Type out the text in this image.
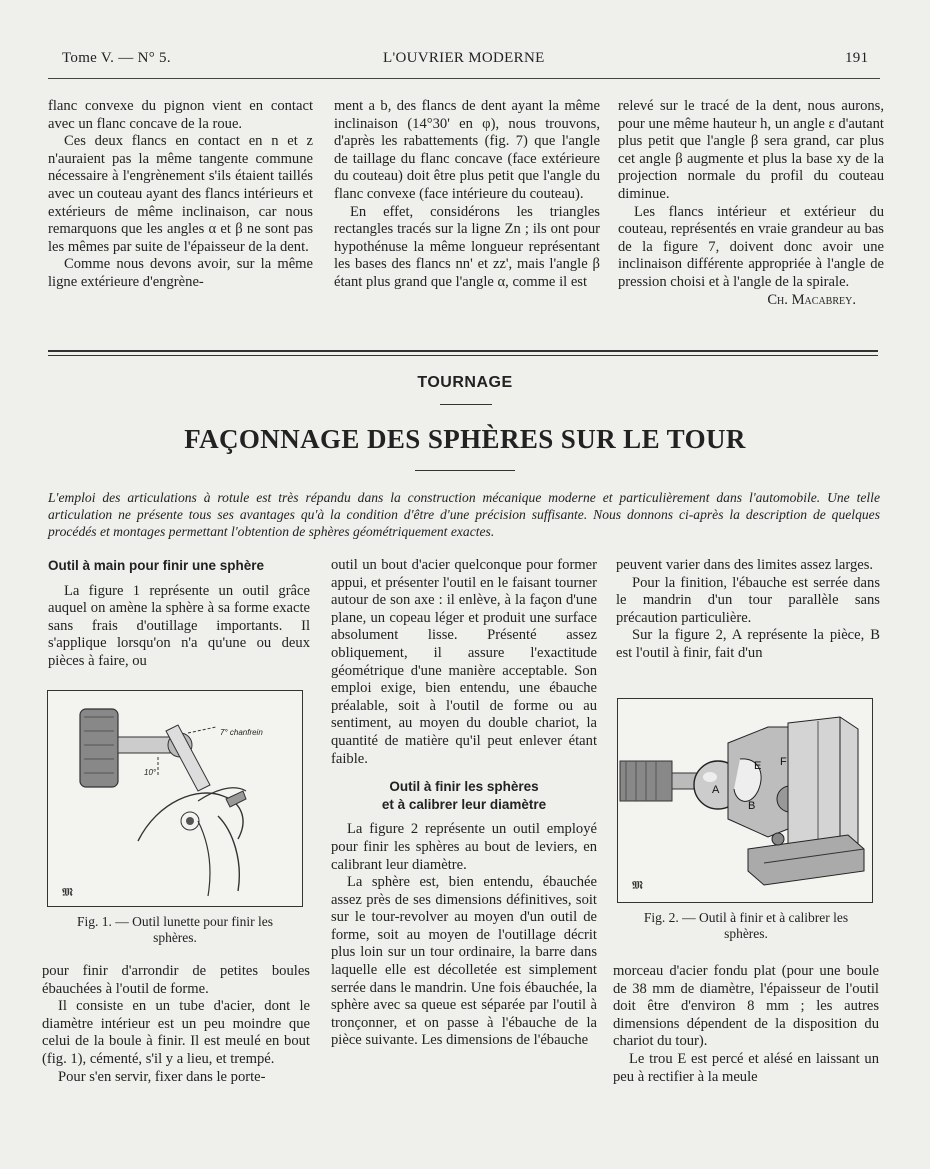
Tome V. — N° 5.	L'OUVRIER MODERNE	191

flanc convexe du pignon vient en contact avec un flanc concave de la roue.

Ces deux flancs en contact en n et z n'auraient pas la même tangente commune nécessaire à l'engrènement s'ils étaient taillés avec un couteau ayant des flancs intérieurs et extérieurs de même inclinaison, car nous remarquons que les angles α et β ne sont pas les mêmes par suite de l'épaisseur de la dent.

Comme nous devons avoir, sur la même ligne extérieure d'engrène-

ment a b, des flancs de dent ayant la même inclinaison (14°30' en φ), nous trouvons, d'après les rabattements (fig. 7) que l'angle de taillage du flanc concave (face extérieure du couteau) doit être plus petit que l'angle du flanc convexe (face intérieure du couteau).

En effet, considérons les triangles rectangles tracés sur la ligne Zn ; ils ont pour hypothénuse la même longueur représentant les bases des flancs nn' et zz', mais l'angle β étant plus grand que l'angle α, comme il est

relevé sur le tracé de la dent, nous aurons, pour une même hauteur h, un angle ε d'autant plus petit que l'angle β sera grand, car plus cet angle β augmente et plus la base xy de la projection normale du profil du couteau diminue.

Les flancs intérieur et extérieur du couteau, représentés en vraie grandeur au bas de la figure 7, doivent donc avoir une inclinaison différente appropriée à l'angle de pression choisi et à l'angle de la spirale.

Ch. Macabrey.

TOURNAGE
FAÇONNAGE DES SPHÈRES SUR LE TOUR
L'emploi des articulations à rotule est très répandu dans la construction mécanique moderne et particulièrement dans l'automobile. Une telle articulation ne présente tous ses avantages qu'à la condition d'être d'une précision suffisante. Nous donnons ci-après la description de quelques procédés et montages permettant l'obtention de sphères géométriquement exactes.

Outil à main pour finir une sphère

La figure 1 représente un outil grâce auquel on amène la sphère à sa forme exacte sans frais d'outillage importants. Il s'applique lorsqu'on n'a qu'une ou deux pièces à faire, ou

𝕸
7° chanfrein
10°
Fig. 1. — Outil lunette pour finir les sphères.

pour finir d'arrondir de petites boules ébauchées à l'outil de forme.

Il consiste en un tube d'acier, dont le diamètre intérieur est un peu moindre que celui de la boule à finir. Il est meulé en bout (fig. 1), cémenté, s'il y a lieu, et trempé.

Pour s'en servir, fixer dans le porte-

outil un bout d'acier quelconque pour former appui, et présenter l'outil en le faisant tourner autour de son axe : il enlève, à la façon d'une plane, un copeau léger et produit une surface absolument lisse. Présenté assez obliquement, il assure l'exactitude géométrique d'une manière acceptable. Son emploi exige, bien entendu, une ébauche préalable, soit à l'outil de forme ou au sentiment, au moyen du double chariot, la quantité de matière qu'il peut enlever étant faible.

Outil à finir les sphères
et à calibrer leur diamètre

La figure 2 représente un outil employé pour finir les sphères au bout de leviers, en calibrant leur diamètre.

La sphère est, bien entendu, ébauchée assez près de ses dimensions définitives, soit sur le tour-revolver au moyen d'un outil de forme, soit au moyen de l'outillage décrit plus loin sur un tour ordinaire, la barre dans laquelle elle est décolletée est simplement serrée dans le mandrin. Une fois ébauchée, la sphère avec sa queue est séparée par l'outil à tronçonner, et on passe à l'ébauche de la pièce suivante. Les dimensions de l'ébauche

peuvent varier dans des limites assez larges.

Pour la finition, l'ébauche est serrée dans le mandrin d'un tour parallèle sans précaution particulière.

Sur la figure 2, A représente la pièce, B est l'outil à finir, fait d'un

A
B
E F
𝕸
Fig. 2. — Outil à finir et à calibrer les sphères.

morceau d'acier fondu plat (pour une boule de 38 mm de diamètre, l'épaisseur de l'outil doit être d'environ 8 mm ; les autres dimensions dépendent de la disposition du chariot du tour).

Le trou E est percé et alésé en laissant un peu à rectifier à la meule
